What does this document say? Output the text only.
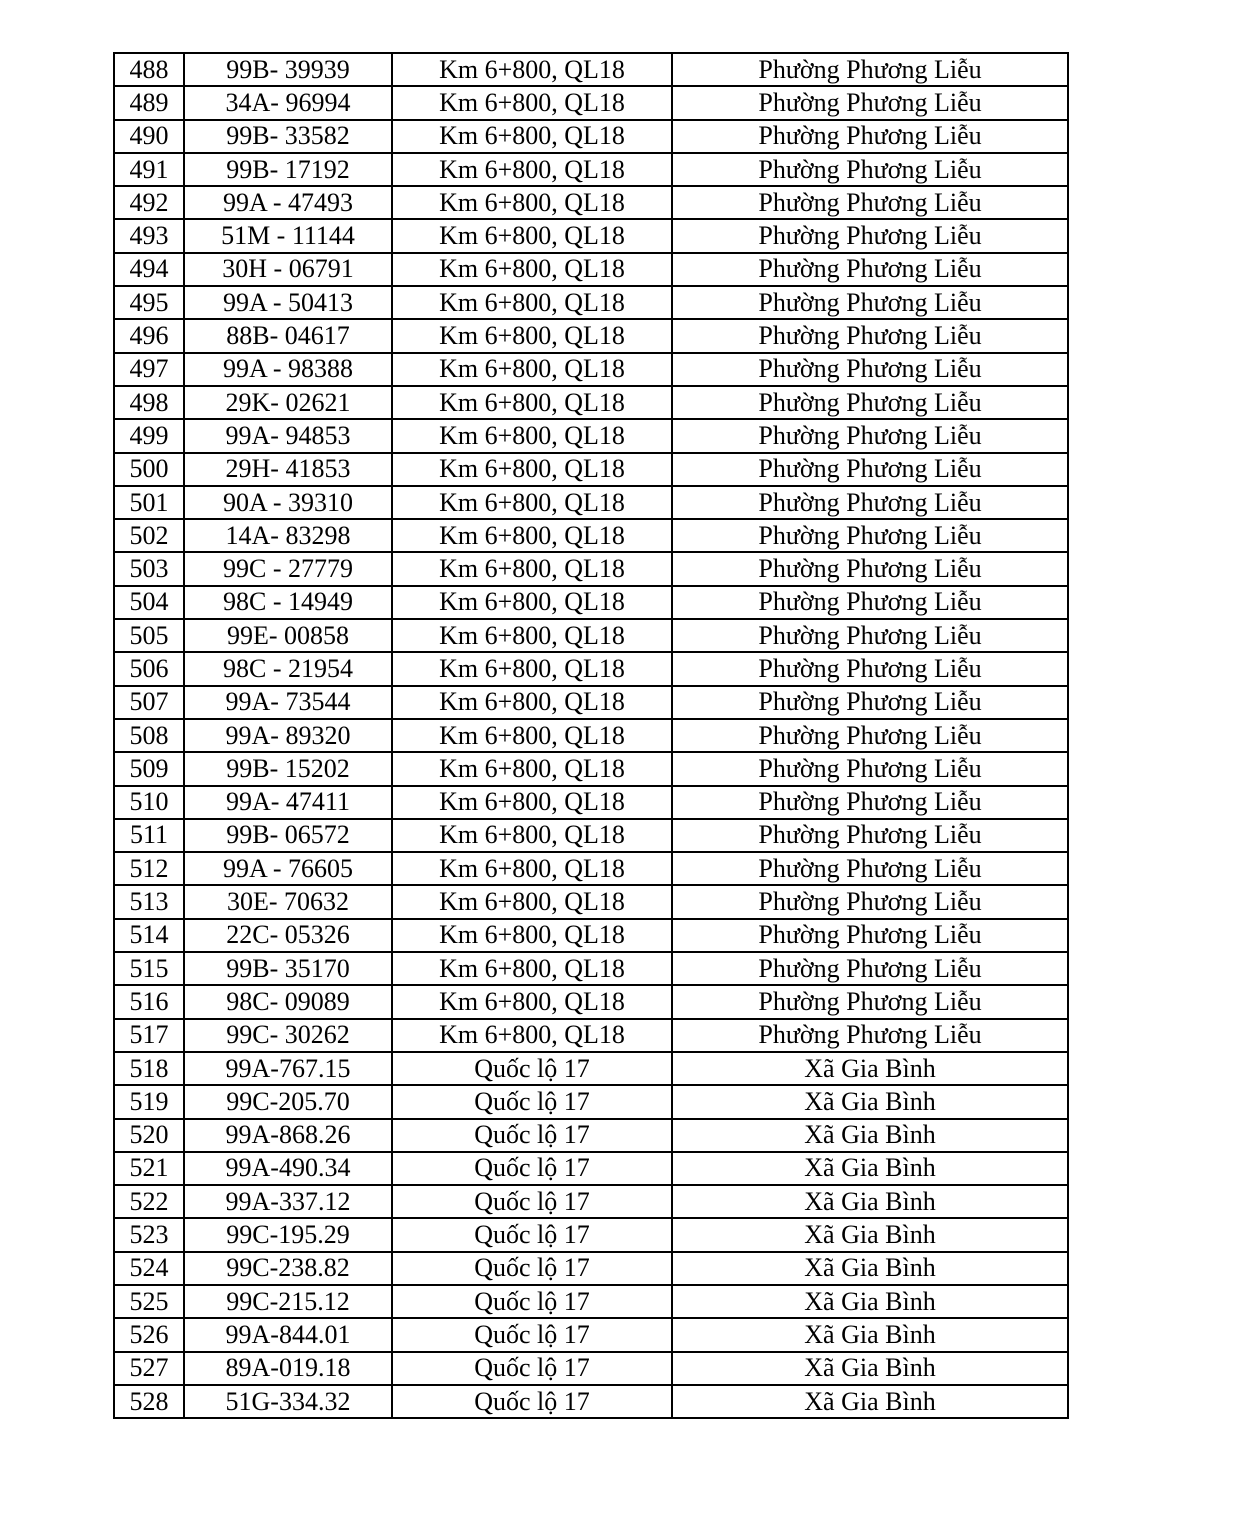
488	99B- 39939	Km 6+800, QL18	Phường Phương Liễu
489	34A- 96994	Km 6+800, QL18	Phường Phương Liễu
490	99B- 33582	Km 6+800, QL18	Phường Phương Liễu
491	99B- 17192	Km 6+800, QL18	Phường Phương Liễu
492	99A - 47493	Km 6+800, QL18	Phường Phương Liễu
493	51M - 11144	Km 6+800, QL18	Phường Phương Liễu
494	30H - 06791	Km 6+800, QL18	Phường Phương Liễu
495	99A - 50413	Km 6+800, QL18	Phường Phương Liễu
496	88B- 04617	Km 6+800, QL18	Phường Phương Liễu
497	99A - 98388	Km 6+800, QL18	Phường Phương Liễu
498	29K- 02621	Km 6+800, QL18	Phường Phương Liễu
499	99A- 94853	Km 6+800, QL18	Phường Phương Liễu
500	29H- 41853	Km 6+800, QL18	Phường Phương Liễu
501	90A - 39310	Km 6+800, QL18	Phường Phương Liễu
502	14A- 83298	Km 6+800, QL18	Phường Phương Liễu
503	99C - 27779	Km 6+800, QL18	Phường Phương Liễu
504	98C - 14949	Km 6+800, QL18	Phường Phương Liễu
505	99E- 00858	Km 6+800, QL18	Phường Phương Liễu
506	98C - 21954	Km 6+800, QL18	Phường Phương Liễu
507	99A- 73544	Km 6+800, QL18	Phường Phương Liễu
508	99A- 89320	Km 6+800, QL18	Phường Phương Liễu
509	99B- 15202	Km 6+800, QL18	Phường Phương Liễu
510	99A- 47411	Km 6+800, QL18	Phường Phương Liễu
511	99B- 06572	Km 6+800, QL18	Phường Phương Liễu
512	99A - 76605	Km 6+800, QL18	Phường Phương Liễu
513	30E- 70632	Km 6+800, QL18	Phường Phương Liễu
514	22C- 05326	Km 6+800, QL18	Phường Phương Liễu
515	99B- 35170	Km 6+800, QL18	Phường Phương Liễu
516	98C- 09089	Km 6+800, QL18	Phường Phương Liễu
517	99C- 30262	Km 6+800, QL18	Phường Phương Liễu
518	99A-767.15	Quốc lộ 17	Xã Gia Bình
519	99C-205.70	Quốc lộ 17	Xã Gia Bình
520	99A-868.26	Quốc lộ 17	Xã Gia Bình
521	99A-490.34	Quốc lộ 17	Xã Gia Bình
522	99A-337.12	Quốc lộ 17	Xã Gia Bình
523	99C-195.29	Quốc lộ 17	Xã Gia Bình
524	99C-238.82	Quốc lộ 17	Xã Gia Bình
525	99C-215.12	Quốc lộ 17	Xã Gia Bình
526	99A-844.01	Quốc lộ 17	Xã Gia Bình
527	89A-019.18	Quốc lộ 17	Xã Gia Bình
528	51G-334.32	Quốc lộ 17	Xã Gia Bình
